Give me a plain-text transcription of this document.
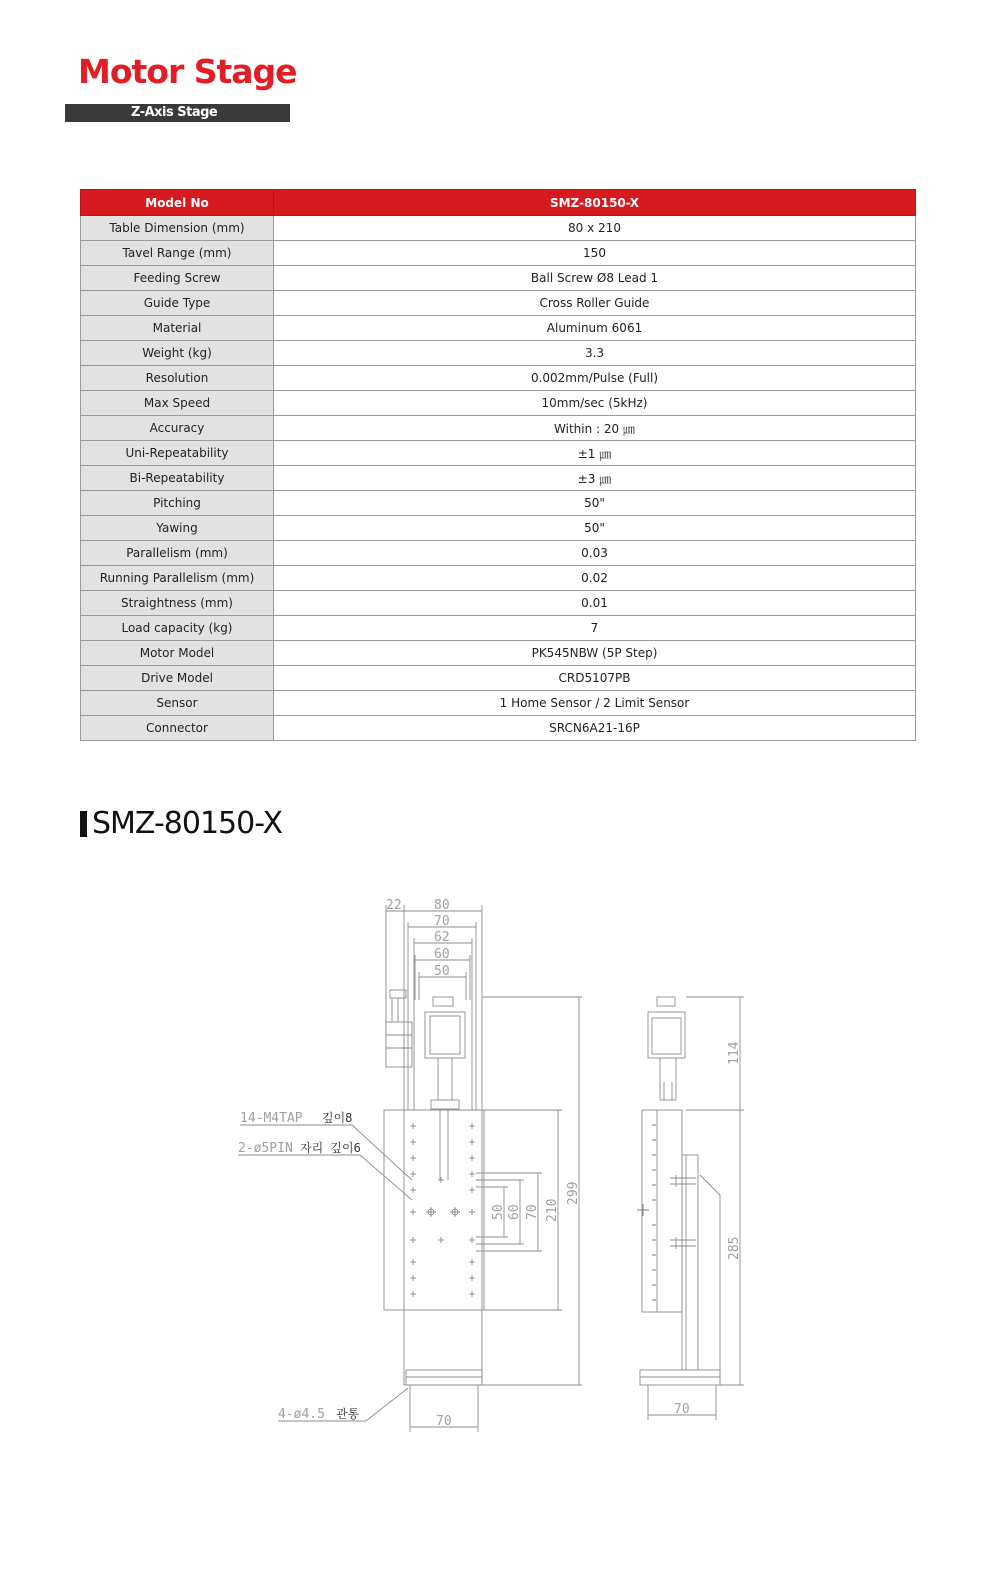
Motor Stage
Z-Axis Stage
Model No	SMZ-80150-X
Table Dimension (mm)	80 x 210
Tavel Range (mm)	150
Feeding Screw	Ball Screw Ø8 Lead 1
Guide Type	Cross Roller Guide
Material	Aluminum 6061
Weight (kg)	3.3
Resolution	0.002mm/Pulse (Full)
Max Speed	10mm/sec (5kHz)
Accuracy	Within : 20 ㎛
Uni-Repeatability	±1 ㎛
Bi-Repeatability	±3 ㎛
Pitching	50"
Yawing	50"
Parallelism (mm)	0.03
Running Parallelism (mm)	0.02
Straightness (mm)	0.01
Load capacity (kg)	7
Motor Model	PK545NBW (5P Step)
Drive Model	CRD5107PB
Sensor	1 Home Sensor / 2 Limit Sensor
Connector	SRCN6A21-16P
SMZ-80150-X
22 80
70
62
60
50
50 60 70 210
299
114
285
70
70
14-M4TAP
2-ø5PIN
4-ø4.5
깊이8
자리 깊이6
관통
